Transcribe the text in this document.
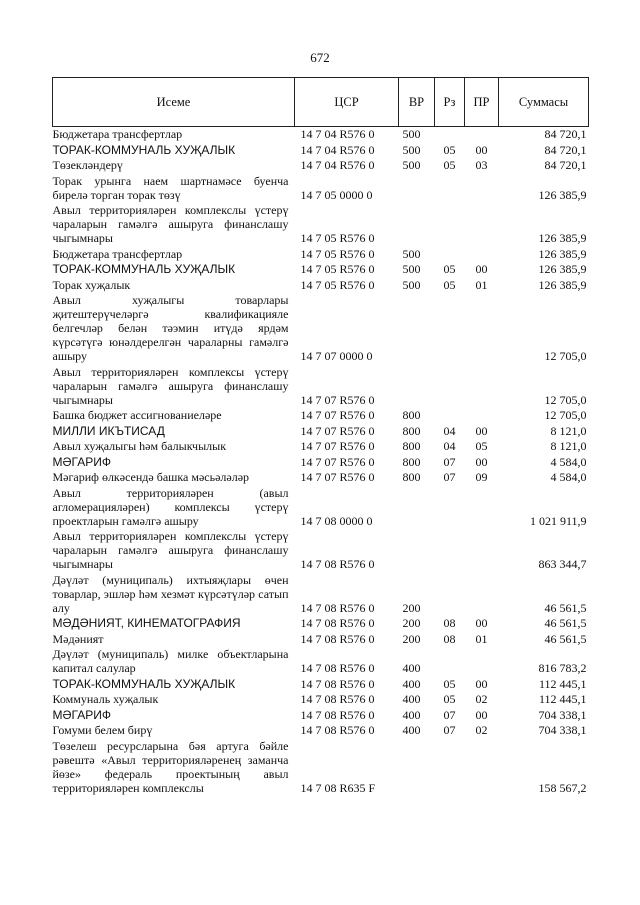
672
Исеме	ЦСР	ВР	Рз	ПР	Суммасы
Бюджетара трансфертлар	14 7 04 R576 0	500			84 720,1
ТОРАК-КОММУНАЛЬ ХУҖАЛЫК	14 7 04 R576 0	500	05	00	84 720,1
Төзекләндерү	14 7 04 R576 0	500	05	03	84 720,1
Торак урынга наем шартнамәсе буенча бирелә торган торак төзү	14 7 05 0000 0				126 385,9
Авыл территорияләрен комплекслы үстерү чараларын гамәлгә ашыруга финанслашу чыгымнары	14 7 05 R576 0				126 385,9
Бюджетара трансфертлар	14 7 05 R576 0	500			126 385,9
ТОРАК-КОММУНАЛЬ ХУҖАЛЫК	14 7 05 R576 0	500	05	00	126 385,9
Торак хуҗалык	14 7 05 R576 0	500	05	01	126 385,9
Авыл хуҗалыгы товарлары җитештерүчеләргә квалификацияле белгечләр белән тәэмин итүдә ярдәм күрсәтүгә юнәлдерелгән чараларны гамәлгә ашыру	14 7 07 0000 0				12 705,0
Авыл территорияләрен комплексы үстерү чараларын гамәлгә ашыруга финанслашу чыгымнары	14 7 07 R576 0				12 705,0
Башка бюджет ассигнованиеләре	14 7 07 R576 0	800			12 705,0
МИЛЛИ ИКЪТИСАД	14 7 07 R576 0	800	04	00	8 121,0
Авыл хуҗалыгы һәм балыкчылык	14 7 07 R576 0	800	04	05	8 121,0
МӘГАРИФ	14 7 07 R576 0	800	07	00	4 584,0
Мәгариф өлкәсендә башка мәсьәләләр	14 7 07 R576 0	800	07	09	4 584,0
Авыл территорияләрен (авыл агломерацияләрен) комплексы үстерү проектларын гамәлгә ашыру	14 7 08 0000 0				1 021 911,9
Авыл территорияләрен комплекслы үстерү чараларын гамәлгә ашыруга финанслашу чыгымнары	14 7 08 R576 0				863 344,7
Дәүләт (муниципаль) ихтыяҗлары өчен товарлар, эшләр һәм хезмәт күрсәтүләр сатып алу	14 7 08 R576 0	200			46 561,5
МӘДӘНИЯТ, КИНЕМАТОГРАФИЯ	14 7 08 R576 0	200	08	00	46 561,5
Мәдәният	14 7 08 R576 0	200	08	01	46 561,5
Дәүләт (муниципаль) милке объектларына капитал салулар	14 7 08 R576 0	400			816 783,2
ТОРАК-КОММУНАЛЬ ХУҖАЛЫК	14 7 08 R576 0	400	05	00	112 445,1
Коммуналь хуҗалык	14 7 08 R576 0	400	05	02	112 445,1
МӘГАРИФ	14 7 08 R576 0	400	07	00	704 338,1
Гомуми белем бирү	14 7 08 R576 0	400	07	02	704 338,1
Төзелеш ресурсларына бәя артуга бәйле рәвештә «Авыл территорияләренең заманча йөзе» федераль проектының авыл территорияләрен комплекслы	14 7 08 R635 F				158 567,2
